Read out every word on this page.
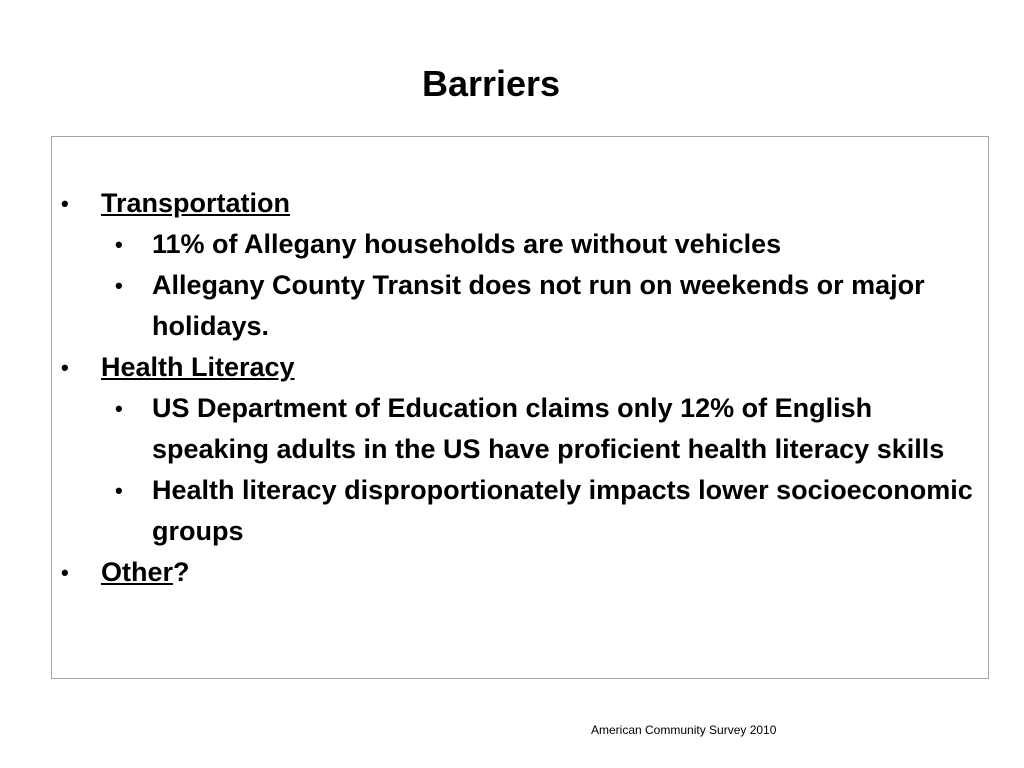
Barriers
•	Transportation
•	11% of Allegany households are without vehicles
•	Allegany County Transit does not run on weekends or major holidays.
•	Health Literacy
•	US Department of Education claims only 12% of English speaking adults in the US have proficient health literacy skills
•	Health literacy disproportionately impacts lower socioeconomic groups
•	Other?
American Community Survey 2010
